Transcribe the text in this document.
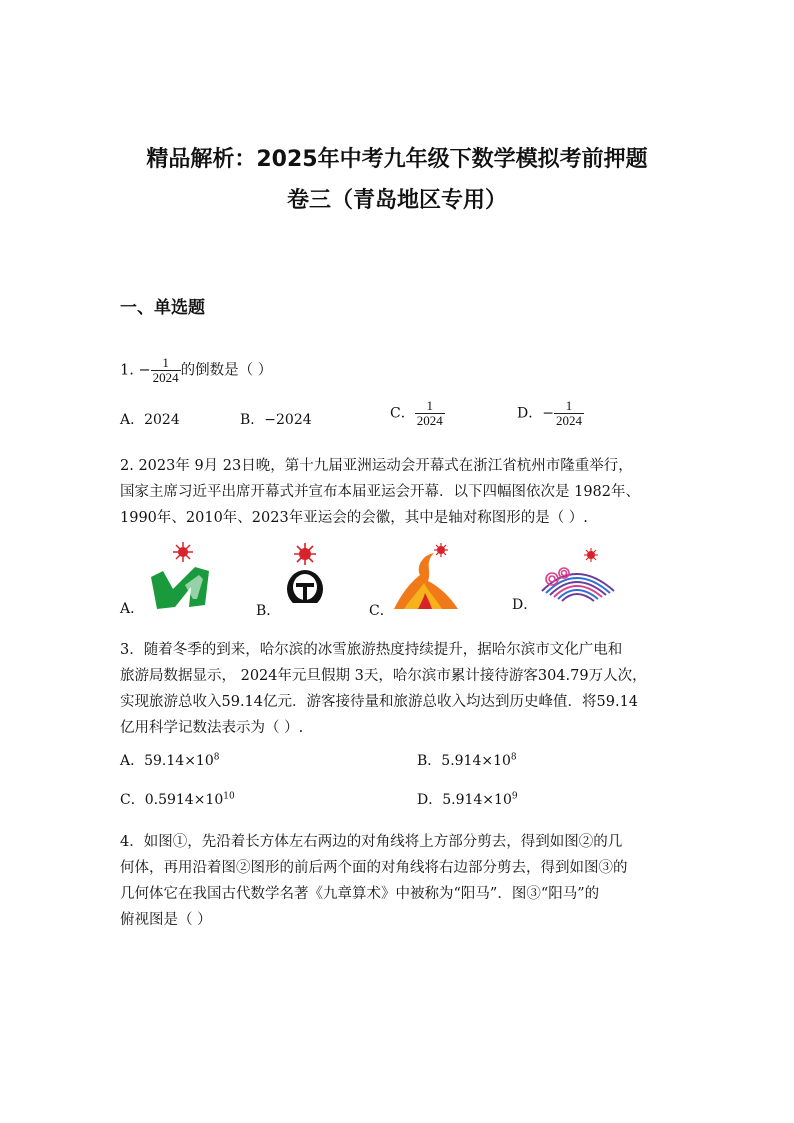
精品解析：2025年中考九年级下数学模拟考前押题
卷三（青岛地区专用）
一、单选题
1. − $\frac{1}{2024}$ 的倒数是（ ）
A．2024	B．−2024	C． $\frac{1}{2024}$	D．− $\frac{1}{2024}$
2. 2023年 9月 23日晚，第十九届亚洲运动会开幕式在浙江省杭州市隆重举行，
国家主席习近平出席开幕式并宣布本届亚运会开幕．以下四幅图依次是 1982年、
1990年、2010年、2023年亚运会的会徽，其中是轴对称图形的是（ ）.
A．	B．	C．	D．
3．随着冬季的到来，哈尔滨的冰雪旅游热度持续提升，据哈尔滨市文化广电和
旅游局数据显示， 2024年元旦假期 3天，哈尔滨市累计接待游客304.79万人次，
实现旅游总收入59.14亿元．游客接待量和旅游总收入均达到历史峰值．将59.14
亿用科学记数法表示为（ ）.
A．$59.14\times 10^8$	B．$5.914\times 10^8$
C．$0.5914\times 10^{10}$	D．$5.914\times 10^9$
4．如图①，先沿着长方体左右两边的对角线将上方部分剪去，得到如图②的几
何体，再用沿着图②图形的前后两个面的对角线将右边部分剪去，得到如图③的
几何体它在我国古代数学名著《九章算术》中被称为“阳马”．图③“阳马”的
俯视图是（ ）
